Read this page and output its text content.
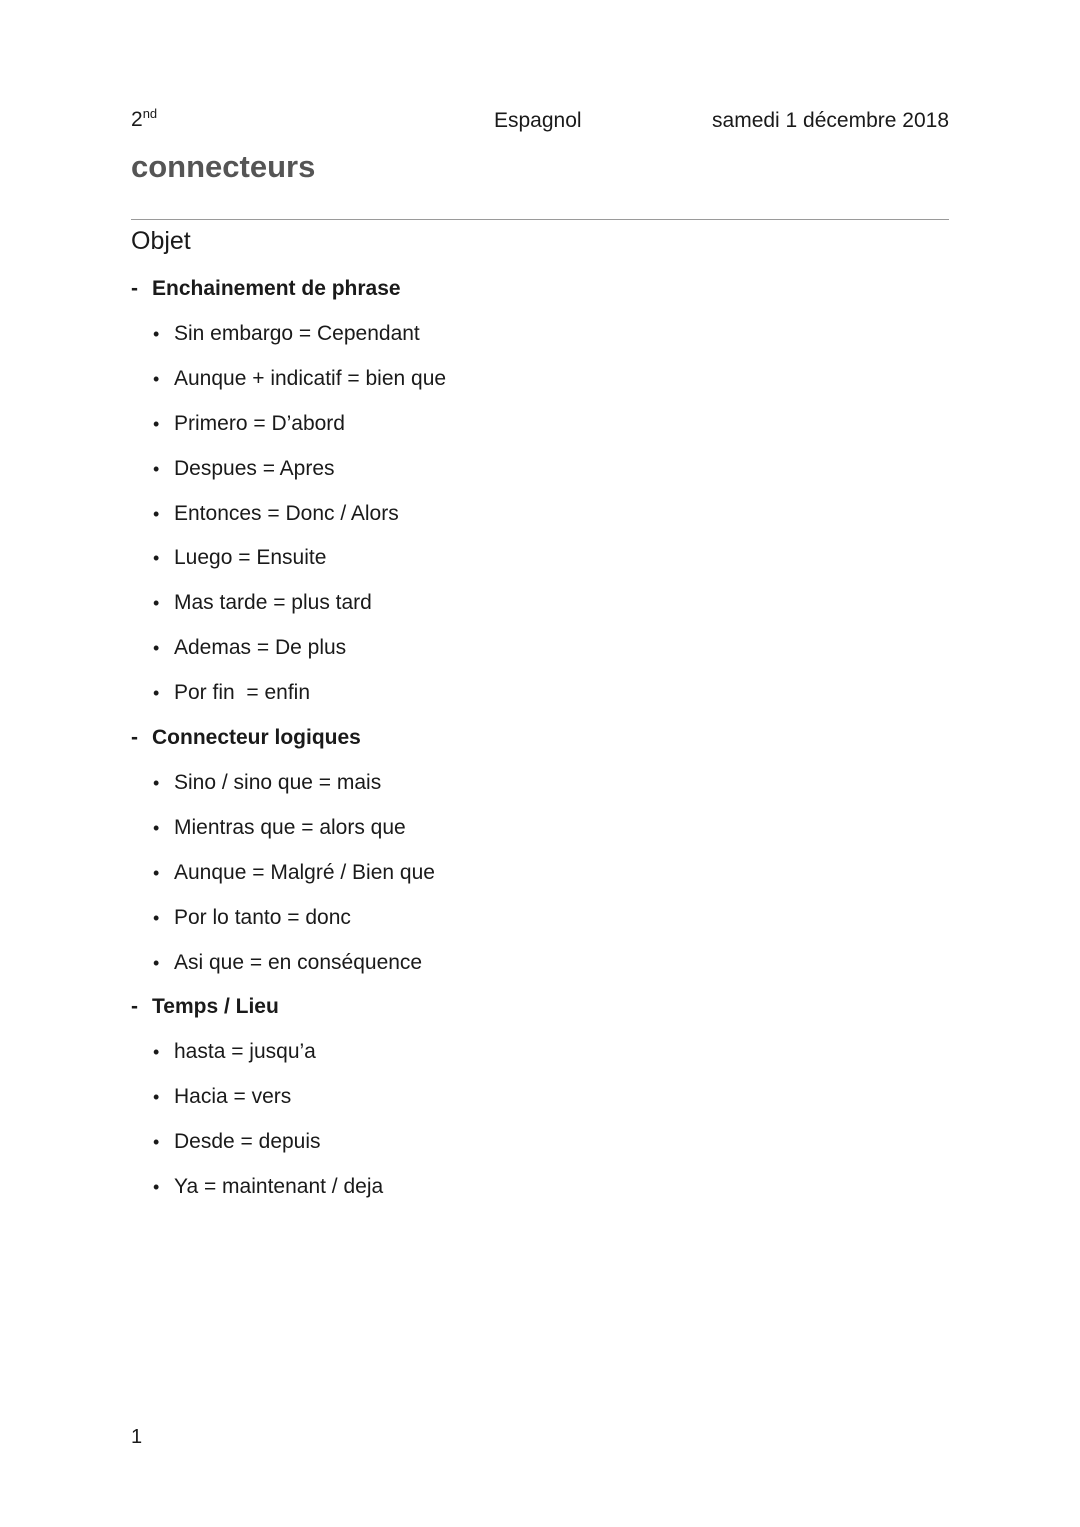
2nd	Espagnol	samedi 1 décembre 2018
connecteurs
Objet
- Enchainement de phrase
• Sin embargo = Cependant
• Aunque + indicatif = bien que
• Primero = D’abord
• Despues = Apres
• Entonces = Donc / Alors
• Luego = Ensuite
• Mas tarde = plus tard
• Ademas = De plus
• Por fin  = enfin
- Connecteur logiques
• Sino / sino que = mais
• Mientras que = alors que
• Aunque = Malgré / Bien que
• Por lo tanto = donc
• Asi que = en conséquence
- Temps / Lieu
• hasta = jusqu’a
• Hacia = vers
• Desde = depuis
• Ya = maintenant / deja
1
